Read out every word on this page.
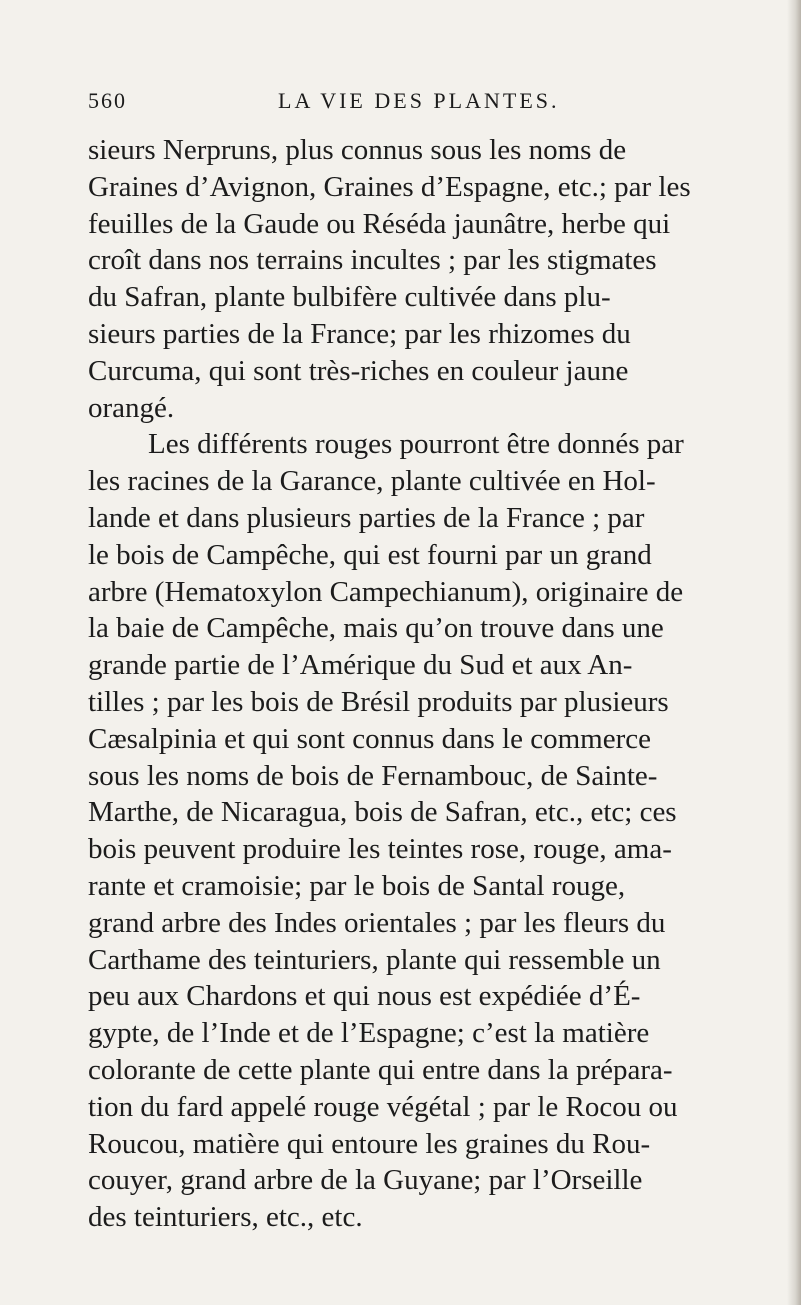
560	LA VIE DES PLANTES.
sieurs Nerpruns, plus connus sous les noms de
Graines d’Avignon, Graines d’Espagne, etc.; par les
feuilles de la Gaude ou Réséda jaunâtre, herbe qui
croît dans nos terrains incultes ; par les stigmates
du Safran, plante bulbifère cultivée dans plu-
sieurs parties de la France; par les rhizomes du
Curcuma, qui sont très-riches en couleur jaune
orangé.
Les différents rouges pourront être donnés par
les racines de la Garance, plante cultivée en Hol-
lande et dans plusieurs parties de la France ; par
le bois de Campêche, qui est fourni par un grand
arbre (Hematoxylon Campechianum), originaire de
la baie de Campêche, mais qu’on trouve dans une
grande partie de l’Amérique du Sud et aux An-
tilles ; par les bois de Brésil produits par plusieurs
Cæsalpinia et qui sont connus dans le commerce
sous les noms de bois de Fernambouc, de Sainte-
Marthe, de Nicaragua, bois de Safran, etc., etc; ces
bois peuvent produire les teintes rose, rouge, ama-
rante et cramoisie; par le bois de Santal rouge,
grand arbre des Indes orientales ; par les fleurs du
Carthame des teinturiers, plante qui ressemble un
peu aux Chardons et qui nous est expédiée d’É-
gypte, de l’Inde et de l’Espagne; c’est la matière
colorante de cette plante qui entre dans la prépara-
tion du fard appelé rouge végétal ; par le Rocou ou
Roucou, matière qui entoure les graines du Rou-
couyer, grand arbre de la Guyane; par l’Orseille
des teinturiers, etc., etc.
